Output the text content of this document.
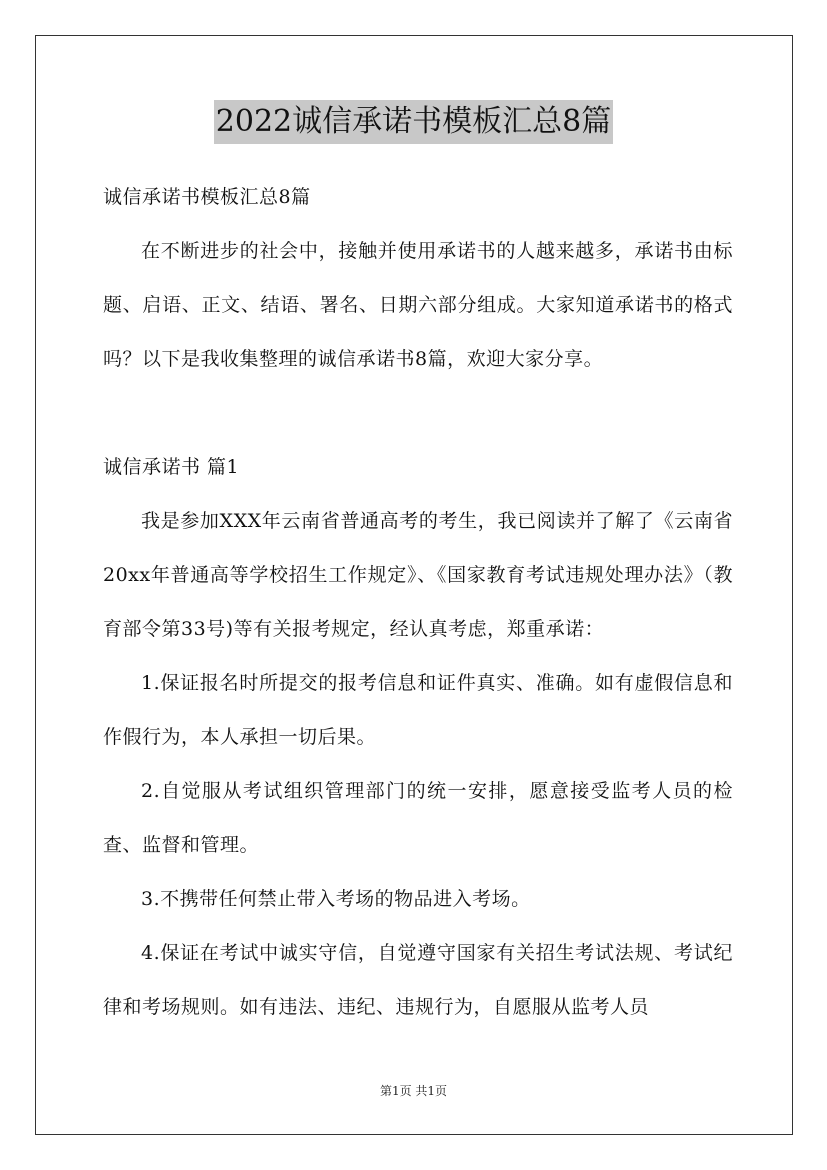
2022诚信承诺书模板汇总8篇

诚信承诺书模板汇总8篇

在不断进步的社会中，接触并使用承诺书的人越来越多，承诺书由标题、启语、正文、结语、署名、日期六部分组成。大家知道承诺书的格式吗？以下是我收集整理的诚信承诺书8篇，欢迎大家分享。

诚信承诺书 篇1

我是参加XXX年云南省普通高考的考生，我已阅读并了解了《云南省20xx年普通高等学校招生工作规定》、《国家教育考试违规处理办法》（教育部令第33号)等有关报考规定，经认真考虑，郑重承诺：

1.保证报名时所提交的报考信息和证件真实、准确。如有虚假信息和作假行为，本人承担一切后果。

2.自觉服从考试组织管理部门的统一安排，愿意接受监考人员的检查、监督和管理。

3.不携带任何禁止带入考场的物品进入考场。

4.保证在考试中诚实守信，自觉遵守国家有关招生考试法规、考试纪律和考场规则。如有违法、违纪、违规行为，自愿服从监考人员

第1页 共1页
